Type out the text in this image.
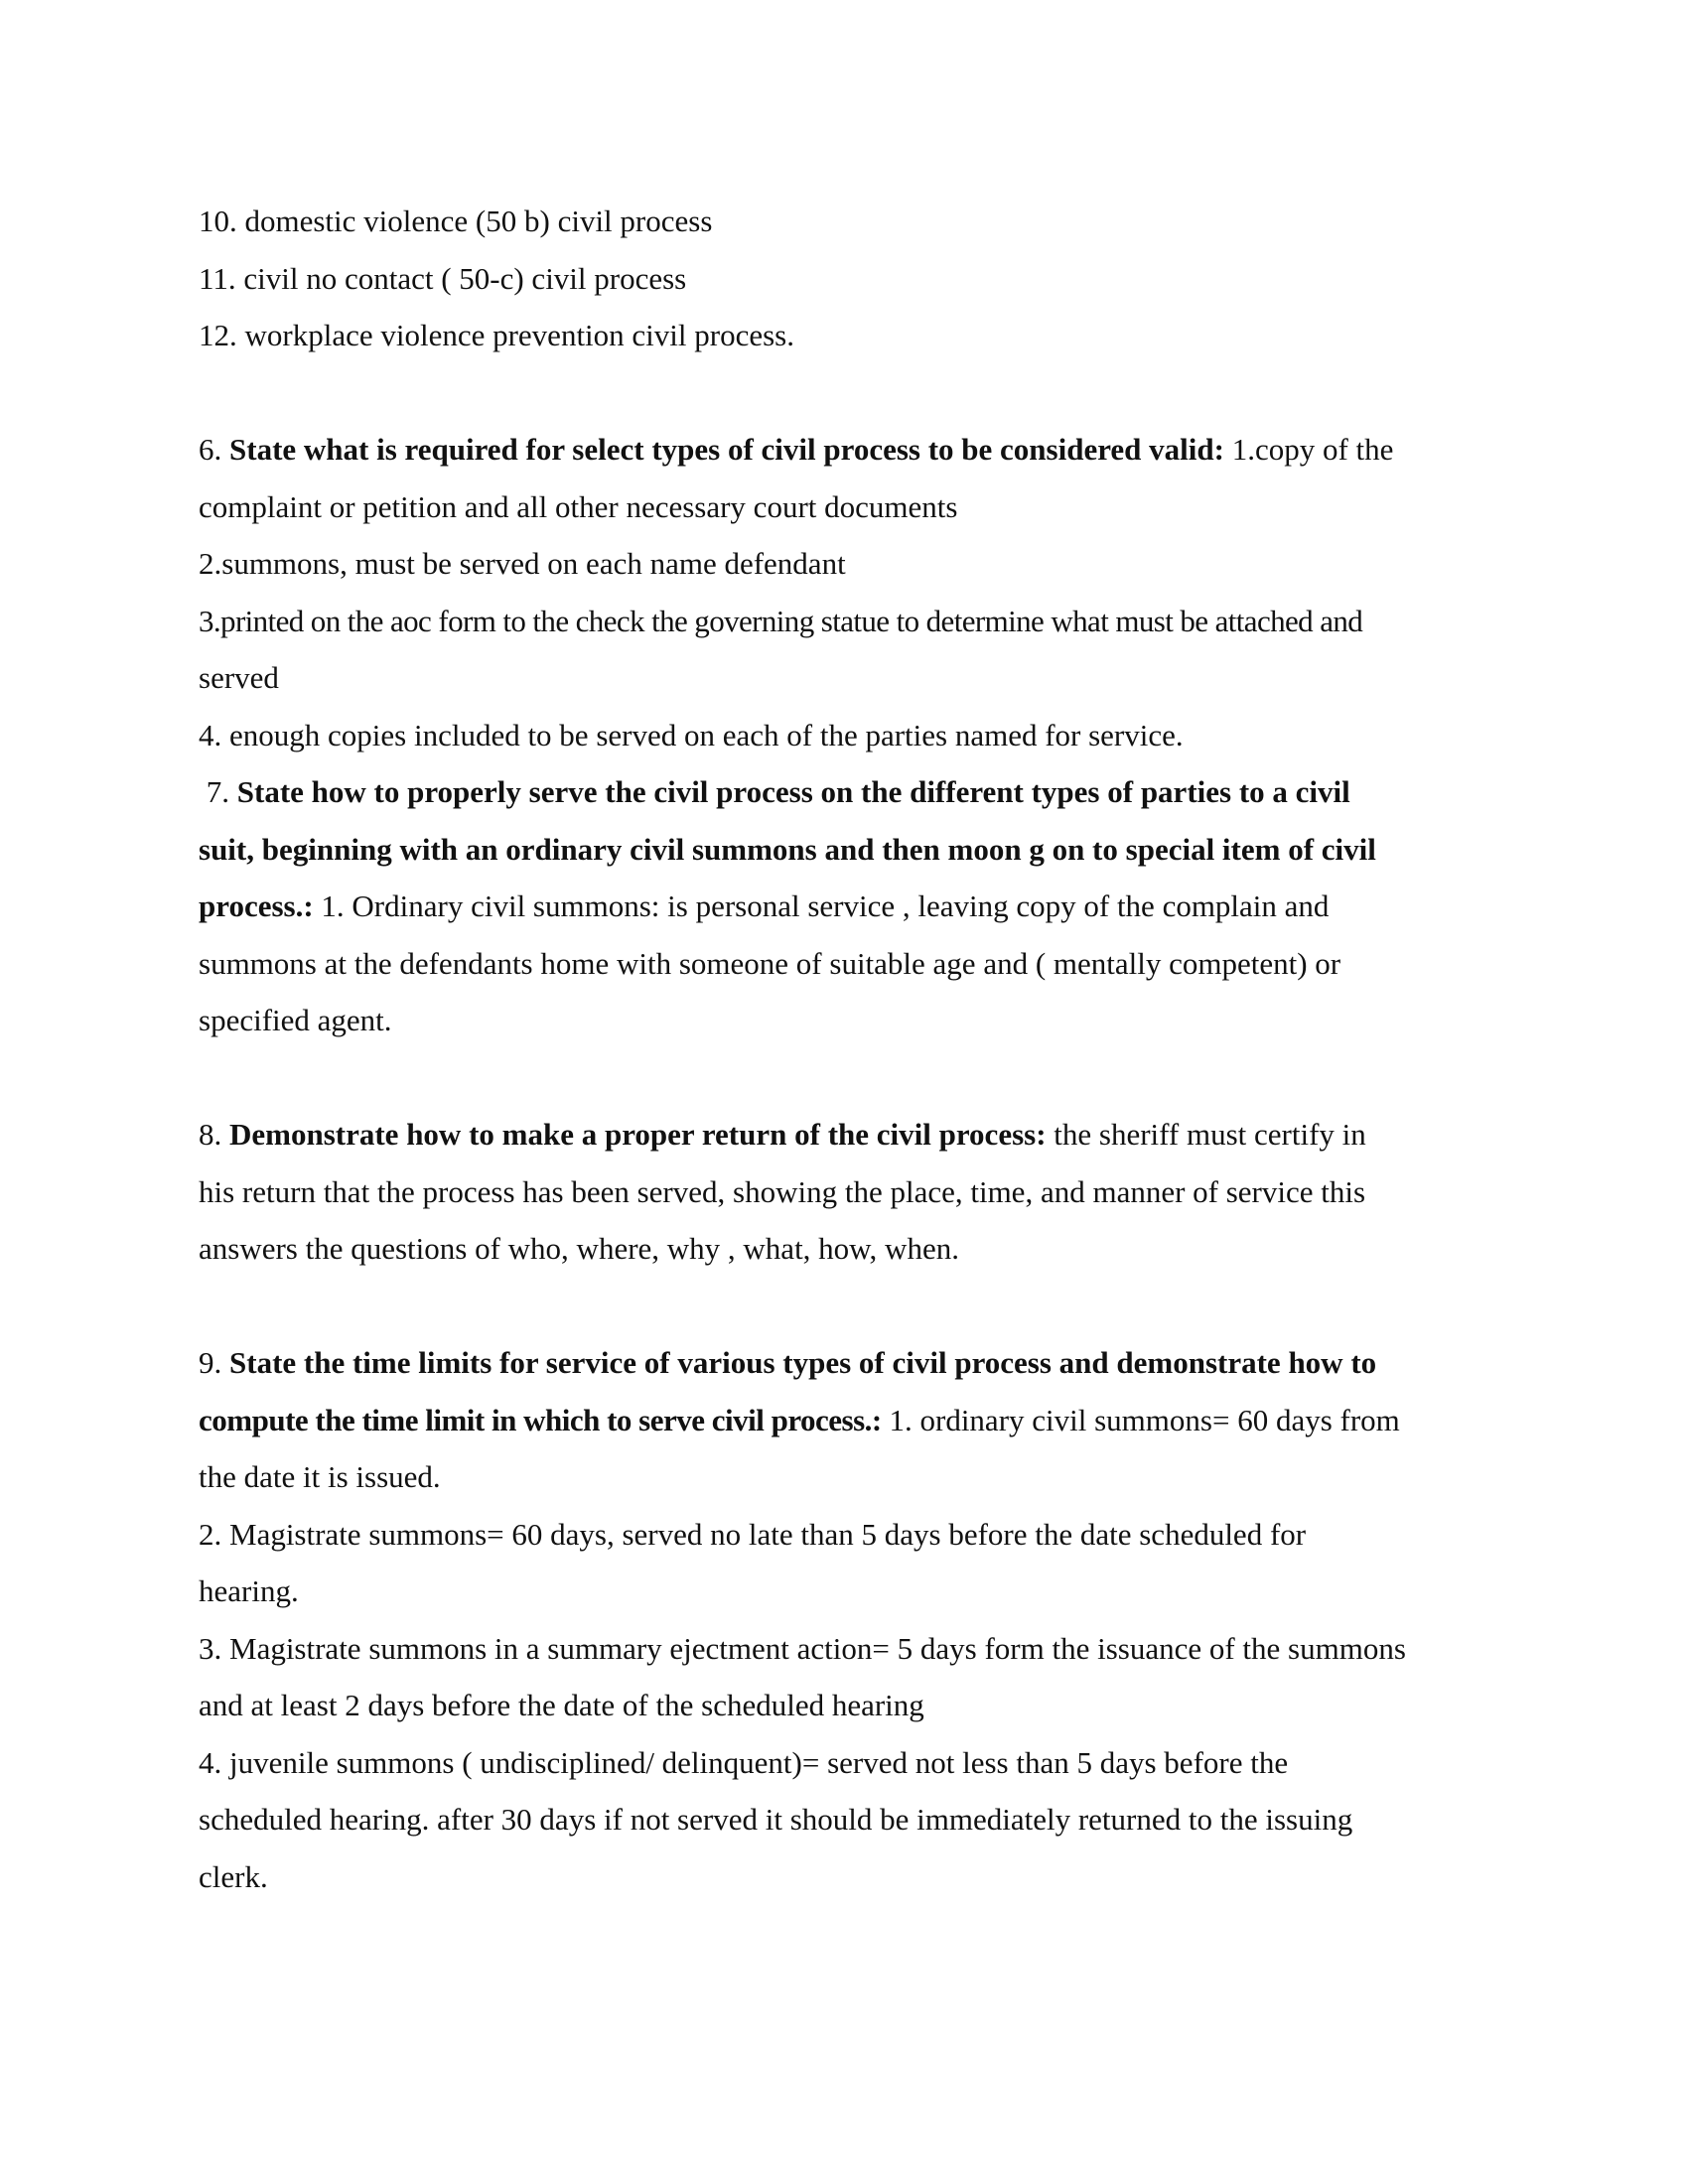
10. domestic violence (50 b) civil process
11. civil no contact ( 50-c) civil process
12. workplace violence prevention civil process.
6. State what is required for select types of civil process to be considered valid: 1.copy of the
complaint or petition and all other necessary court documents
2.summons, must be served on each name defendant
3.printed on the aoc form to the check the governing statue to determine what must be attached and
served
4. enough copies included to be served on each of the parties named for service.
7. State how to properly serve the civil process on the different types of parties to a civil
suit, beginning with an ordinary civil summons and then moon g on to special item of civil
process.: 1. Ordinary civil summons: is personal service , leaving copy of the complain and
summons at the defendants home with someone of suitable age and ( mentally competent) or
specified agent.
8. Demonstrate how to make a proper return of the civil process: the sheriff must certify in
his return that the process has been served, showing the place, time, and manner of service this
answers the questions of who, where, why , what, how, when.
9. State the time limits for service of various types of civil process and demonstrate how to
compute the time limit in which to serve civil process.: 1. ordinary civil summons= 60 days from
the date it is issued.
2. Magistrate summons= 60 days, served no late than 5 days before the date scheduled for
hearing.
3. Magistrate summons in a summary ejectment action= 5 days form the issuance of the summons
and at least 2 days before the date of the scheduled hearing
4. juvenile summons ( undisciplined/ delinquent)= served not less than 5 days before the
scheduled hearing. after 30 days if not served it should be immediately returned to the issuing
clerk.
